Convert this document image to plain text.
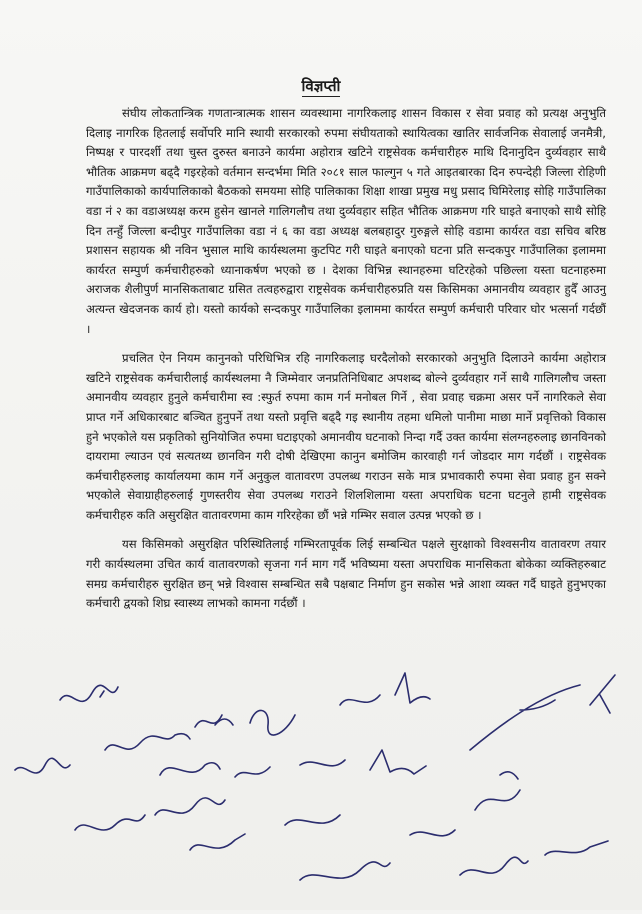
विज्ञप्ती

संघीय लोकतान्त्रिक गणतान्त्रात्मक शासन व्यवस्थामा नागरिकलाइ शासन विकास र सेवा प्रवाह को प्रत्यक्ष अनुभुति दिलाइ नागरिक हितलाई सर्वोपरि मानि स्थायी सरकारको रुपमा संघीयताको स्थायित्वका खातिर सार्वजनिक सेवालाई जनमैत्री, निष्पक्ष र पारदर्शी तथा चुस्त दुरुस्त बनाउने कार्यमा अहोरात्र खटिने राष्ट्रसेवक कर्मचारीहरु माथि दिनानुदिन दुर्व्यवहार साथै भौतिक आक्रमण बढ्दै गइरहेको वर्तमान सन्दर्भमा मिति २०८१ साल फाल्गुन ५ गते आइतबारका दिन रुपन्देही जिल्ला रोहिणी गाउँपालिकाको कार्यपालिकाको बैठकको समयमा सोहि पालिकाका शिक्षा शाखा प्रमुख मधु प्रसाद घिमिरेलाइ सोहि गाउँपालिका वडा नं २ का वडाअध्यक्ष करम हुसेन खानले गालिगलौच तथा दुर्व्यवहार सहित भौतिक आक्रमण गरि घाइते बनाएको साथै सोहि दिन तन्हुँ जिल्ला बन्दीपुर गाउँपालिका वडा नं ६ का वडा अध्यक्ष बलबहादुर गुरुङ्गले सोहि वडामा कार्यरत वडा सचिव बरिष्ठ प्रशासन सहायक श्री नविन भुसाल माथि कार्यस्थलमा कुटपिट गरी घाइते बनाएको घटना प्रति सन्दकपुर गाउँपालिका इलाममा कार्यरत सम्पुर्ण कर्मचारीहरुको ध्यानाकर्षण भएको छ । देशका विभिन्न स्थानहरुमा घटिरहेको पछिल्ला यस्ता घटनाहरुमा अराजक शैलीपुर्ण मानसिकताबाट ग्रसित तत्वहरुद्वारा राष्ट्रसेवक कर्मचारीहरुप्रति यस किसिमका अमानवीय व्यवहार हुदैँ आउनु अत्यन्त खेदजनक कार्य हो। यस्तो कार्यको सन्दकपुर गाउँपालिका इलाममा कार्यरत सम्पुर्ण कर्मचारी परिवार घोर भत्सर्ना गर्दछौं ।

प्रचलित ऐन नियम कानुनको परिधिभित्र रहि नागरिकलाइ घरदैलोको सरकारको अनुभुति दिलाउने कार्यमा अहोरात्र खटिने राष्ट्रसेवक कर्मचारीलाई कार्यस्थलमा नै जिम्मेवार जनप्रतिनिधिबाट अपशब्द बोल्ने दुर्व्यवहार गर्ने साथै गालिगलौच जस्ता अमानवीय व्यवहार हुनुले कर्मचारीमा स्व :स्फुर्त रुपमा काम गर्न मनोबल गिर्ने , सेवा प्रवाह चक्रमा असर पर्ने नागरिकले सेवा प्राप्त गर्ने अधिकारबाट बञ्चित हुनुपर्ने तथा यस्तो प्रवृत्ति बढ्दै गइ स्थानीय तहमा धमिलो पानीमा माछा मार्ने प्रवृत्तिको विकास हुने भएकोले यस प्रकृतिको सुनियोजित रुपमा घटाइएको अमानवीय घटनाको निन्दा गर्दै उक्त कार्यमा संलग्नहरुलाइ छानविनको दायरामा ल्याउन एवं सत्यतथ्य छानविन गरी दोषी देखिएमा कानुन बमोजिम कारवाही गर्न जोडदार माग गर्दछौं । राष्ट्रसेवक कर्मचारीहरुलाइ कार्यालयमा काम गर्ने अनुकुल वातावरण उपलब्ध गराउन सके मात्र प्रभावकारी रुपमा सेवा प्रवाह हुन सक्ने भएकोले सेवाग्राहीहरुलाई गुणस्तरीय सेवा उपलब्ध गराउने शिलशिलामा यस्ता अपराधिक घटना घटनुले हामी राष्ट्रसेवक कर्मचारीहरु कति असुरक्षित वातावरणमा काम गरिरहेका छौं भन्ने गम्भिर सवाल उत्पन्न भएको छ ।

यस किसिमको असुरक्षित परिस्थितिलाई गम्भिरतापूर्वक लिई सम्बन्धित पक्षले सुरक्षाको विश्वसनीय वातावरण तयार गरी कार्यस्थलमा उचित कार्य वातावरणको सृजना गर्न माग गर्दै भविष्यमा यस्ता अपराधिक मानसिकता बोकेका व्यक्तिहरुबाट समग्र कर्मचारीहरु सुरक्षित छन् भन्ने विश्वास सम्बन्धित सबै पक्षबाट निर्माण हुन सकोस भन्ने आशा व्यक्त गर्दै घाइते हुनुभएका कर्मचारी द्वयको शिघ्र स्वास्थ्य लाभको कामना गर्दछौं ।
